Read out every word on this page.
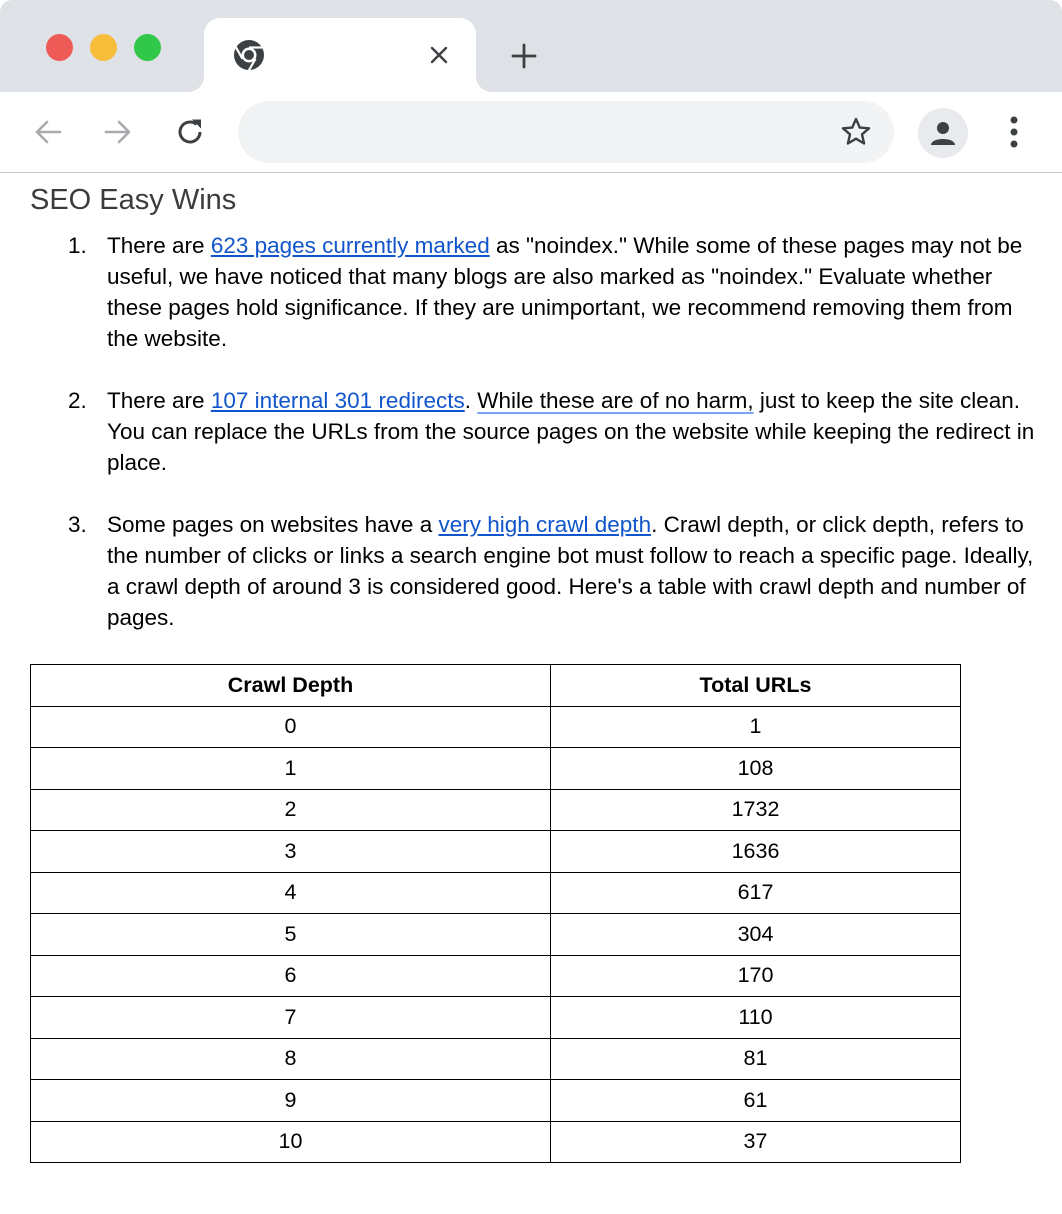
SEO Easy Wins
1. There are 623 pages currently marked as "noindex." While some of these pages may not be useful, we have noticed that many blogs are also marked as "noindex." Evaluate whether these pages hold significance. If they are unimportant, we recommend removing them from the website.
2. There are 107 internal 301 redirects. While these are of no harm, just to keep the site clean. You can replace the URLs from the source pages on the website while keeping the redirect in place.
3. Some pages on websites have a very high crawl depth. Crawl depth, or click depth, refers to the number of clicks or links a search engine bot must follow to reach a specific page. Ideally, a crawl depth of around 3 is considered good. Here's a table with crawl depth and number of pages.
Crawl Depth	Total URLs
0	1
1	108
2	1732
3	1636
4	617
5	304
6	170
7	110
8	81
9	61
10	37
